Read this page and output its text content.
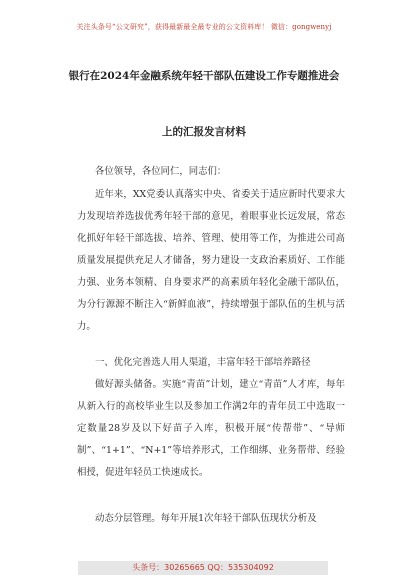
关注头条号“公文研究”，获得最新最全最专业的公文资料库！ 微信：gongwenyj
银行在2024年金融系统年轻干部队伍建设工作专题推进会
上的汇报发言材料
各位领导，各位同仁，同志们：
近年来，XX党委认真落实中央、省委关于适应新时代要求大力发现培养选拔优秀年轻干部的意见，着眼事业长远发展，常态化抓好年轻干部选拔、培养、管理、使用等工作，为推进公司高质量发展提供充足人才储备，努力建设一支政治素质好、工作能力强、业务本领精、自身要求严的高素质年轻化金融干部队伍，为分行源源不断注入“新鲜血液”，持续增强于部队伍的生机与活力。
一、优化完善选人用人渠道，丰富年轻干部培养路径
做好源头储备。实施“青苗”计划，建立“青苗”人才库，每年从新入行的高校毕业生以及参加工作满2年的青年员工中选取一定数量28岁及以下好苗子入库，积极开展“传帮带”、“导师制”、“1+1”、“N+1”等培养形式，工作细绑、业务帮带、经验相授，促进年轻员工快速成长。
动态分层管理。每年开展1次年轻干部队伍现状分析及
头条号：30265665 QQ：535304092
